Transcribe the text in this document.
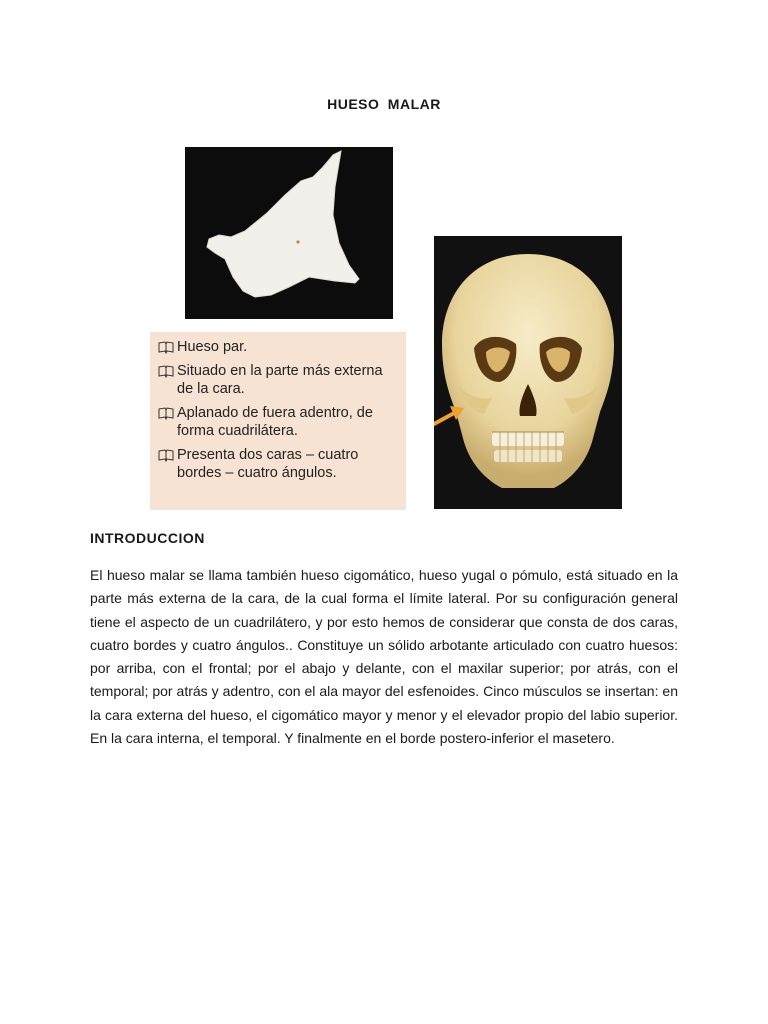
HUESO MALAR
Hueso par.
Situado en la parte más externa de la cara.
Aplanado de fuera adentro, de forma cuadrilátera.
Presenta dos caras – cuatro bordes – cuatro ángulos.
INTRODUCCION

El hueso malar se llama también hueso cigomático, hueso yugal o pómulo, está situado en la parte más externa de la cara, de la cual forma el límite lateral. Por su configuración general tiene el aspecto de un cuadrilátero, y por esto hemos de considerar que consta de dos caras, cuatro bordes y cuatro ángulos.. Constituye un sólido arbotante articulado con cuatro huesos: por arriba, con el frontal; por el abajo y delante, con el maxilar superior; por atrás, con el temporal; por atrás y adentro, con el ala mayor del esfenoides. Cinco músculos se insertan: en la cara externa del hueso, el cigomático mayor y menor y el elevador propio del labio superior. En la cara interna, el temporal. Y finalmente en el borde postero-inferior el masetero.
